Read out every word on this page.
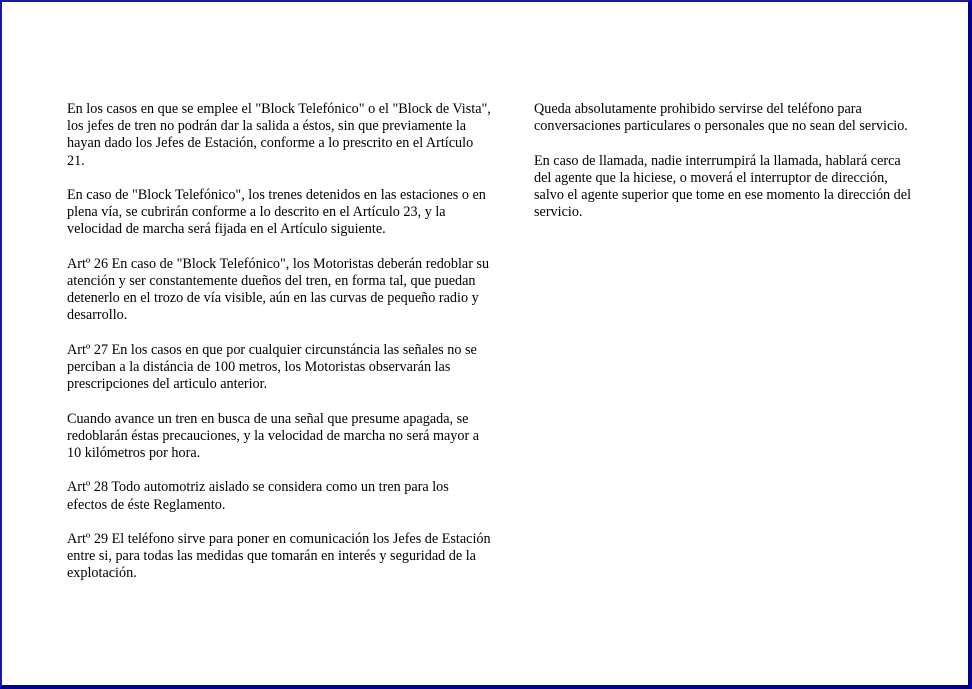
En los casos en que se emplee el "Block Telefónico" o el "Block de Vista", los jefes de tren no podrán dar la salida a éstos, sin que previamente la hayan dado los Jefes de Estación, conforme a lo prescrito en el Artículo 21.

En caso de "Block Telefónico", los trenes detenidos en las estaciones o en plena vía, se cubrirán conforme a lo descrito en el Artículo 23, y la velocidad de marcha será fijada en el Artículo siguiente.

Artº 26 En caso de "Block Telefónico", los Motoristas deberán redoblar su atención y ser constantemente dueños del tren, en forma tal, que puedan detenerlo en el trozo de vía visible, aún en las curvas de pequeño radio y desarrollo.

Artº 27 En los casos en que por cualquier circunstáncia las señales no se perciban a la distáncia de 100 metros, los Motoristas observarán las prescripciones del articulo anterior.

Cuando avance un tren en busca de una señal que presume apagada, se redoblarán éstas precauciones, y la velocidad de marcha no será mayor a 10 kilómetros por hora.

Artº 28 Todo automotriz aislado se considera como un tren para los efectos de éste Reglamento.

Artº 29 El teléfono sirve para poner en comunicación los Jefes de Estación entre si, para todas las medidas que tomarán en interés y seguridad de la explotación.

Queda absolutamente prohibido servirse del teléfono para conversaciones particulares o personales que no sean del servicio.

En caso de llamada, nadie interrumpirá la llamada, hablará cerca del agente que la hiciese, o moverá el interruptor de dirección, salvo el agente superior que tome en ese momento la dirección del servicio.
